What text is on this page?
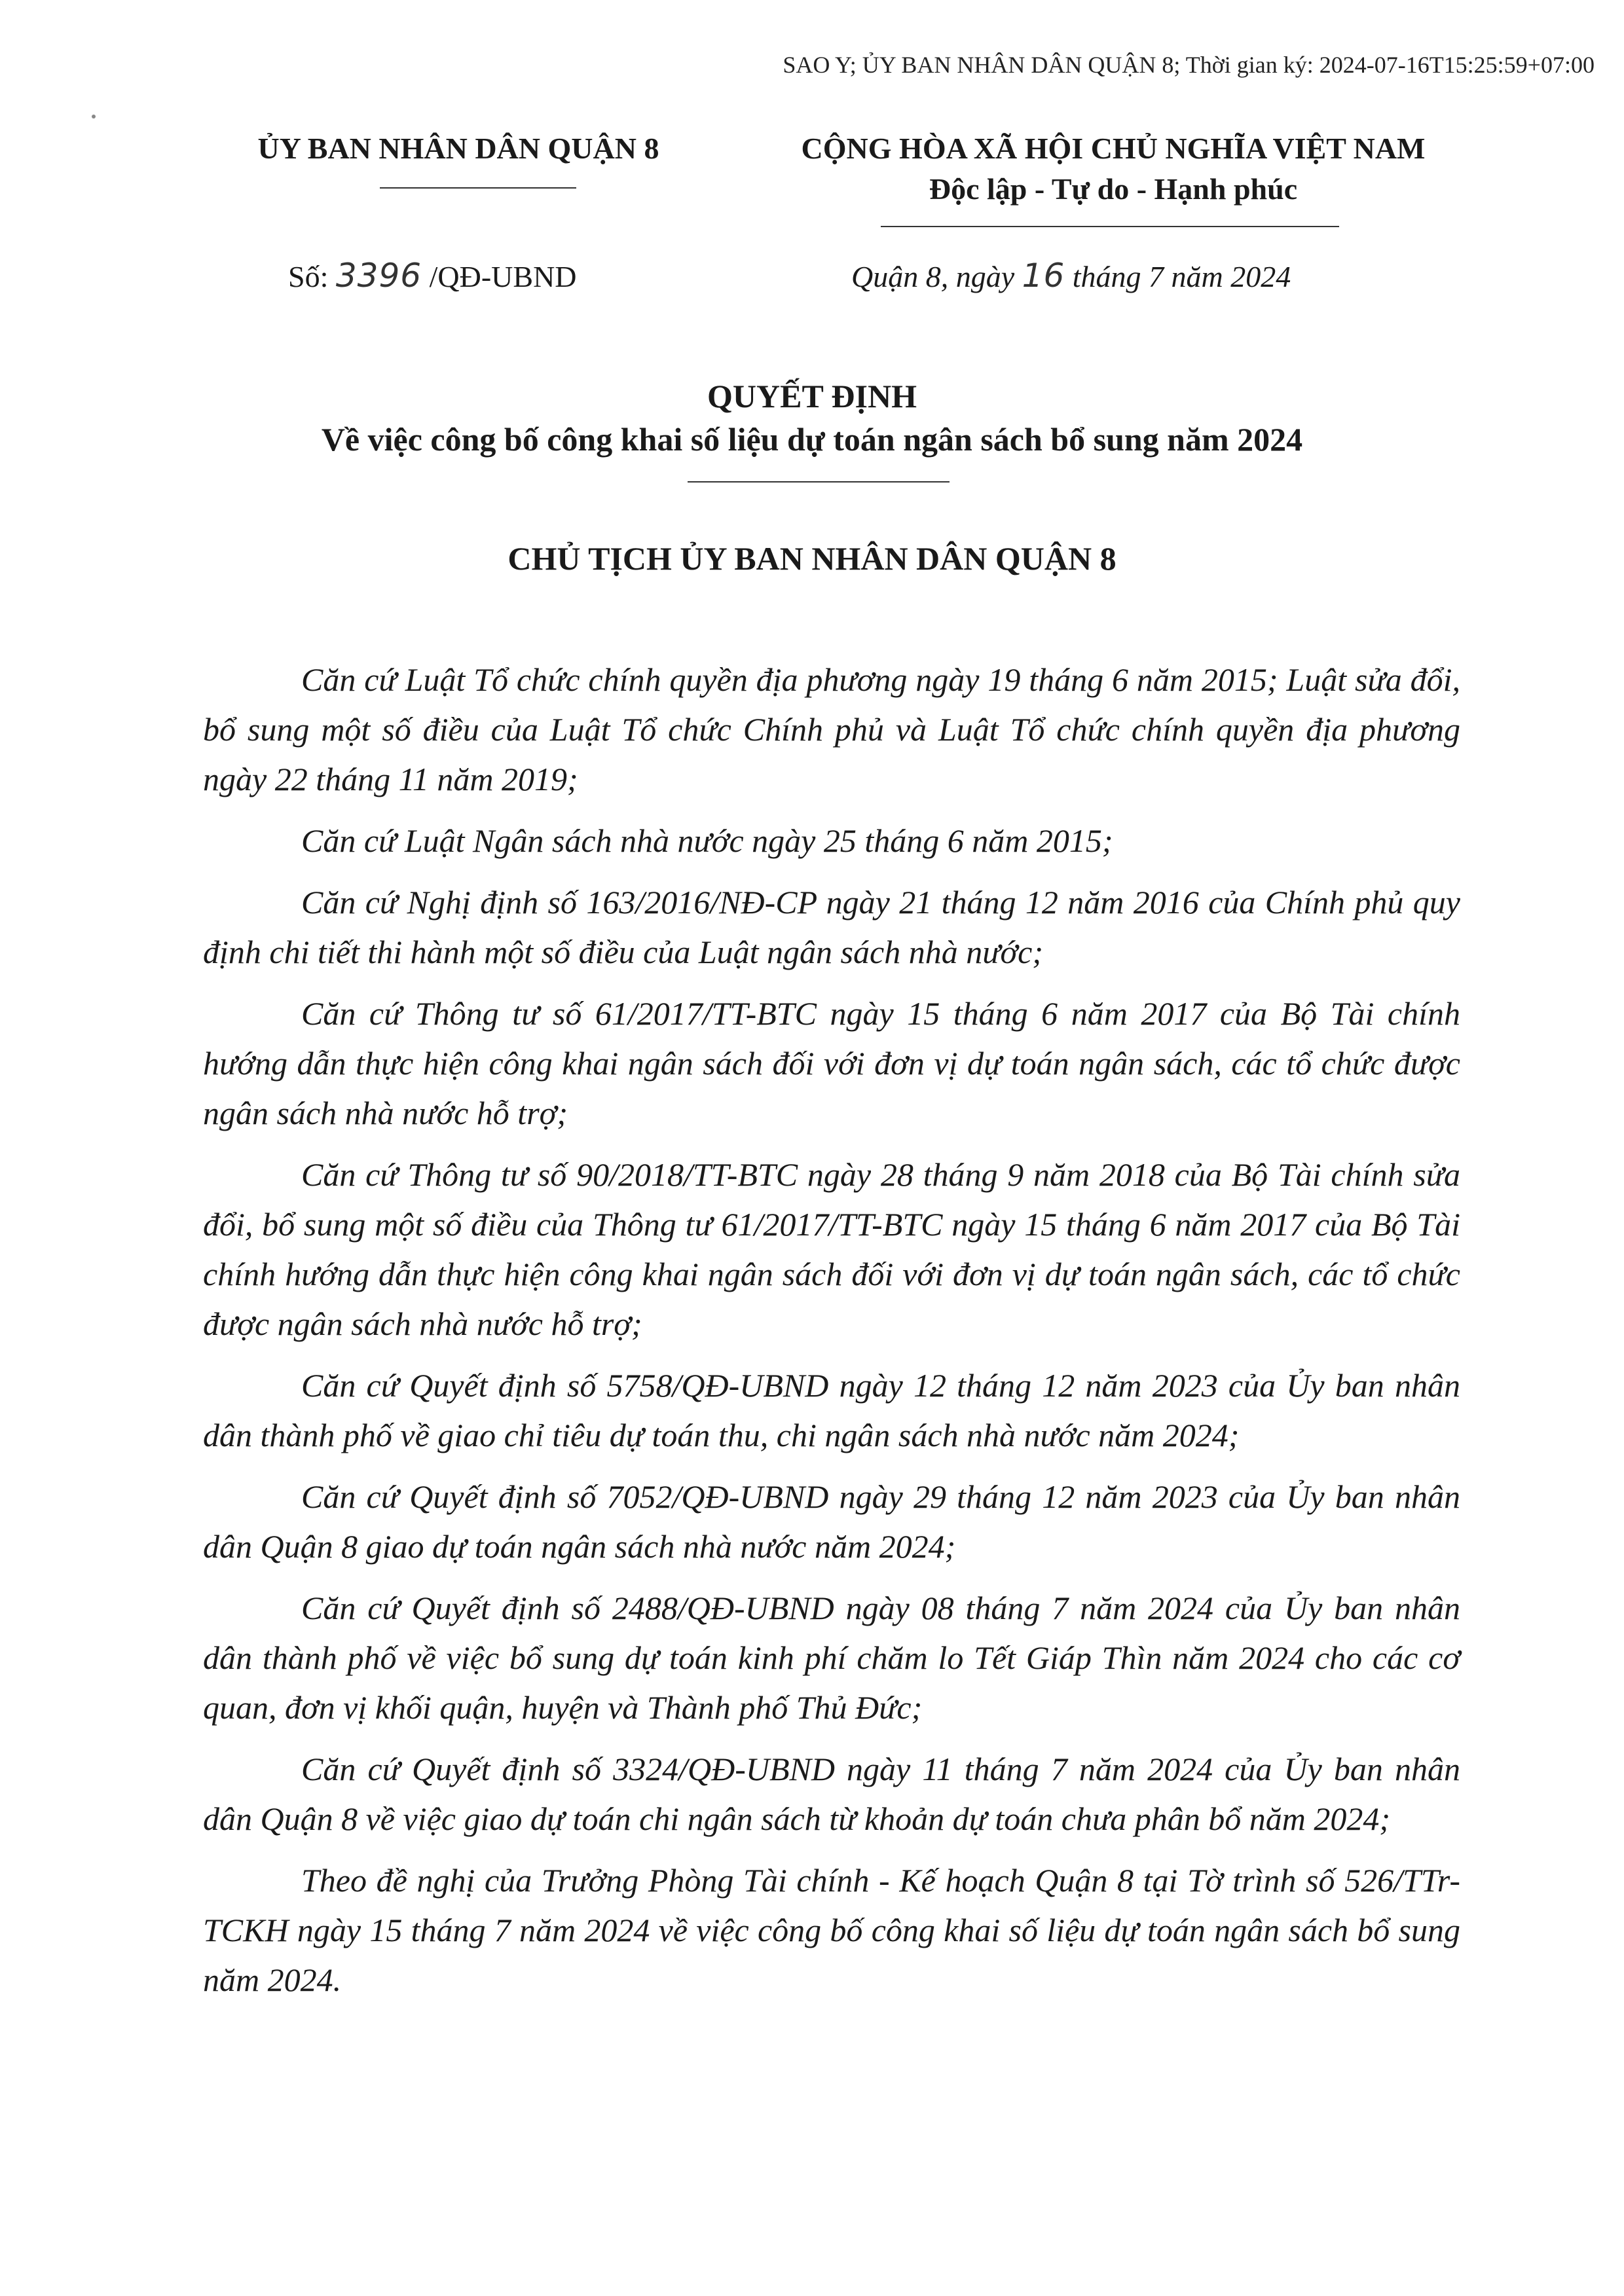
SAO Y; ỦY BAN NHÂN DÂN QUẬN 8; Thời gian ký: 2024-07-16T15:25:59+07:00
ỦY BAN NHÂN DÂN QUẬN 8	CỘNG HÒA XÃ HỘI CHỦ NGHĨA VIỆT NAM
Độc lập - Tự do - Hạnh phúc
Số: 3396 /QĐ-UBND	Quận 8, ngày 16 tháng 7 năm 2024
QUYẾT ĐỊNH
Về việc công bố công khai số liệu dự toán ngân sách bổ sung năm 2024
CHỦ TỊCH ỦY BAN NHÂN DÂN QUẬN 8

Căn cứ Luật Tổ chức chính quyền địa phương ngày 19 tháng 6 năm 2015; Luật sửa đổi, bổ sung một số điều của Luật Tổ chức Chính phủ và Luật Tổ chức chính quyền địa phương ngày 22 tháng 11 năm 2019;

Căn cứ Luật Ngân sách nhà nước ngày 25 tháng 6 năm 2015;

Căn cứ Nghị định số 163/2016/NĐ-CP ngày 21 tháng 12 năm 2016 của Chính phủ quy định chi tiết thi hành một số điều của Luật ngân sách nhà nước;

Căn cứ Thông tư số 61/2017/TT-BTC ngày 15 tháng 6 năm 2017 của Bộ Tài chính hướng dẫn thực hiện công khai ngân sách đối với đơn vị dự toán ngân sách, các tổ chức được ngân sách nhà nước hỗ trợ;

Căn cứ Thông tư số 90/2018/TT-BTC ngày 28 tháng 9 năm 2018 của Bộ Tài chính sửa đổi, bổ sung một số điều của Thông tư 61/2017/TT-BTC ngày 15 tháng 6 năm 2017 của Bộ Tài chính hướng dẫn thực hiện công khai ngân sách đối với đơn vị dự toán ngân sách, các tổ chức được ngân sách nhà nước hỗ trợ;

Căn cứ Quyết định số 5758/QĐ-UBND ngày 12 tháng 12 năm 2023 của Ủy ban nhân dân thành phố về giao chỉ tiêu dự toán thu, chi ngân sách nhà nước năm 2024;

Căn cứ Quyết định số 7052/QĐ-UBND ngày 29 tháng 12 năm 2023 của Ủy ban nhân dân Quận 8 giao dự toán ngân sách nhà nước năm 2024;

Căn cứ Quyết định số 2488/QĐ-UBND ngày 08 tháng 7 năm 2024 của Ủy ban nhân dân thành phố về việc bổ sung dự toán kinh phí chăm lo Tết Giáp Thìn năm 2024 cho các cơ quan, đơn vị khối quận, huyện và Thành phố Thủ Đức;

Căn cứ Quyết định số 3324/QĐ-UBND ngày 11 tháng 7 năm 2024 của Ủy ban nhân dân Quận 8 về việc giao dự toán chi ngân sách từ khoản dự toán chưa phân bổ năm 2024;

Theo đề nghị của Trưởng Phòng Tài chính - Kế hoạch Quận 8 tại Tờ trình số 526/TTr-TCKH ngày 15 tháng 7 năm 2024 về việc công bố công khai số liệu dự toán ngân sách bổ sung năm 2024.
